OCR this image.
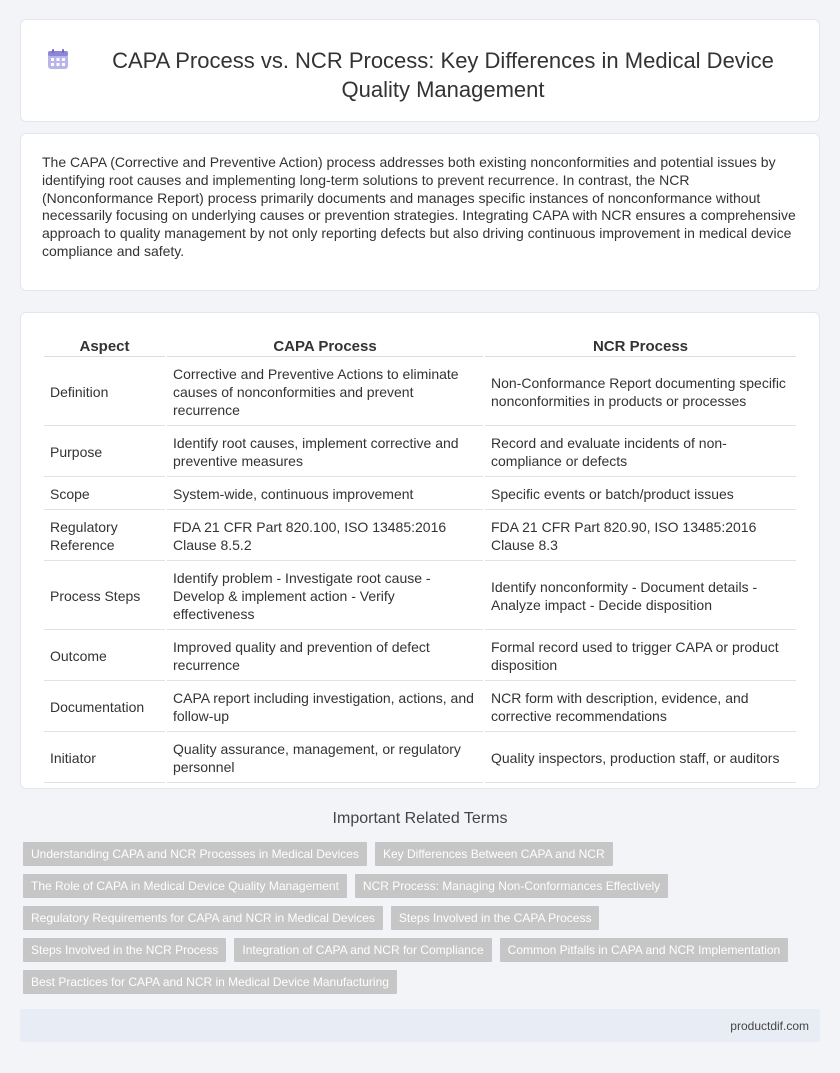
CAPA Process vs. NCR Process: Key Differences in Medical Device Quality Management

The CAPA (Corrective and Preventive Action) process addresses both existing nonconformities and potential issues by identifying root causes and implementing long-term solutions to prevent recurrence. In contrast, the NCR (Nonconformance Report) process primarily documents and manages specific instances of nonconformance without necessarily focusing on underlying causes or prevention strategies. Integrating CAPA with NCR ensures a comprehensive approach to quality management by not only reporting defects but also driving continuous improvement in medical device compliance and safety.

Aspect	CAPA Process	NCR Process
Definition	Corrective and Preventive Actions to eliminate causes of nonconformities and prevent recurrence	Non-Conformance Report documenting specific nonconformities in products or processes
Purpose	Identify root causes, implement corrective and preventive measures	Record and evaluate incidents of non-compliance or defects
Scope	System-wide, continuous improvement	Specific events or batch/product issues
Regulatory Reference	FDA 21 CFR Part 820.100, ISO 13485:2016 Clause 8.5.2	FDA 21 CFR Part 820.90, ISO 13485:2016 Clause 8.3
Process Steps	Identify problem - Investigate root cause - Develop & implement action - Verify effectiveness	Identify nonconformity - Document details - Analyze impact - Decide disposition
Outcome	Improved quality and prevention of defect recurrence	Formal record used to trigger CAPA or product disposition
Documentation	CAPA report including investigation, actions, and follow-up	NCR form with description, evidence, and corrective recommendations
Initiator	Quality assurance, management, or regulatory personnel	Quality inspectors, production staff, or auditors
Important Related Terms
Understanding CAPA and NCR Processes in Medical Devices	Key Differences Between CAPA and NCR
The Role of CAPA in Medical Device Quality Management	NCR Process: Managing Non-Conformances Effectively
Regulatory Requirements for CAPA and NCR in Medical Devices	Steps Involved in the CAPA Process
Steps Involved in the NCR Process	Integration of CAPA and NCR for Compliance	Common Pitfalls in CAPA and NCR Implementation
Best Practices for CAPA and NCR in Medical Device Manufacturing
productdif.com
